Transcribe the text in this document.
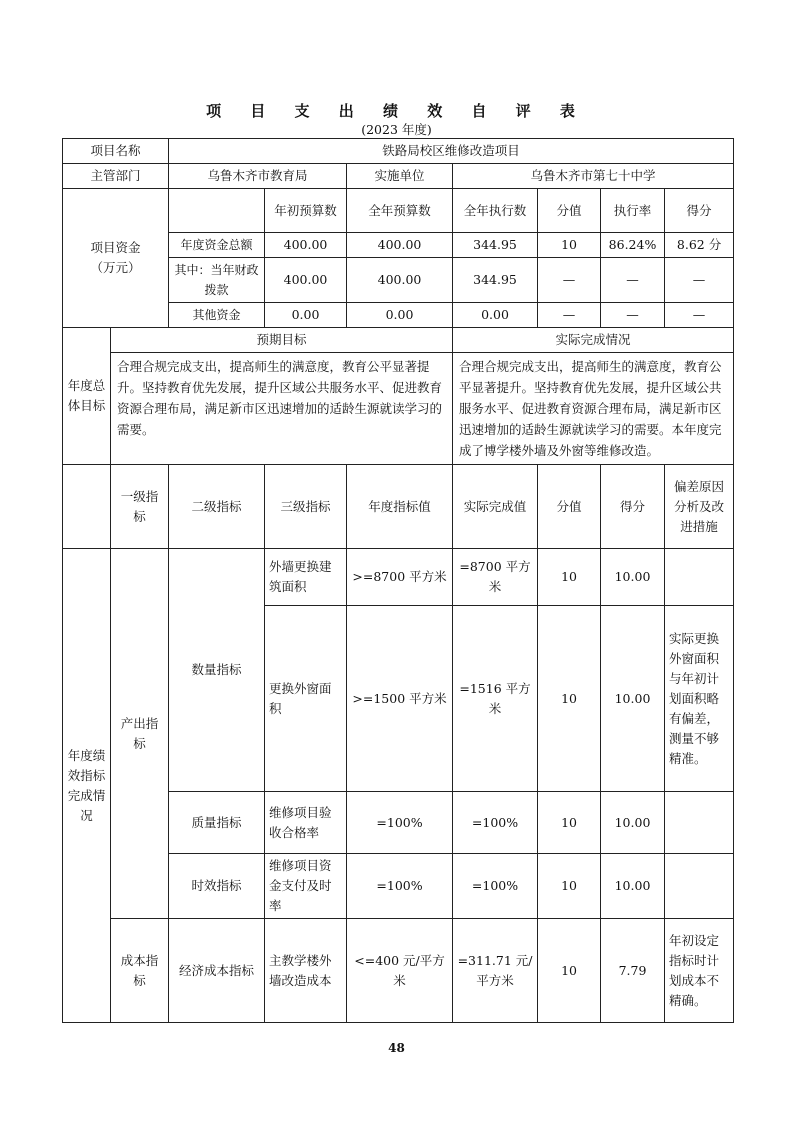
项 目 支 出 绩 效 自 评 表
(2023 年度)
项目名称		铁路局校区维修改造项目						
主管部门		乌鲁木齐市教育局		实施单位	乌鲁木齐市第七十中学			
项目资金
（万元）			年初预算数	全年预算数	全年执行数	分值	执行率	得分
		年度资金总额	400.00	400.00	344.95	10	86.24%	8.62 分
		其中：当年财政拨款	400.00	400.00	344.95	—	—	—
		其他资金	0.00	0.00	0.00	—	—	—
年度总体目标	预期目标				实际完成情况			
	合理合规完成支出，提高师生的满意度，教育公平显著提升。坚持教育优先发展，提升区域公共服务水平、促进教育资源合理布局，满足新市区迅速增加的适龄生源就读学习的需要。				合理合规完成支出，提高师生的满意度，教育公平显著提升。坚持教育优先发展，提升区域公共服务水平、促进教育资源合理布局，满足新市区迅速增加的适龄生源就读学习的需要。本年度完成了博学楼外墙及外窗等维修改造。			
	一级指标	二级指标	三级指标	年度指标值	实际完成值	分值	得分	偏差原因分析及改进措施
年度绩效指标完成情况	产出指标	数量指标	外墙更换建筑面积	>=8700 平方米	=8700 平方米	10	10.00	
			更换外窗面积	>=1500 平方米	=1516 平方米	10	10.00	实际更换外窗面积与年初计划面积略有偏差，测量不够精准。
		质量指标	维修项目验收合格率	=100%	=100%	10	10.00	
		时效指标	维修项目资金支付及时率	=100%	=100%	10	10.00	
	成本指标	经济成本指标	主教学楼外墙改造成本	<=400 元/平方米	=311.71 元/平方米	10	7.79	年初设定指标时计划成本不精确。
48
